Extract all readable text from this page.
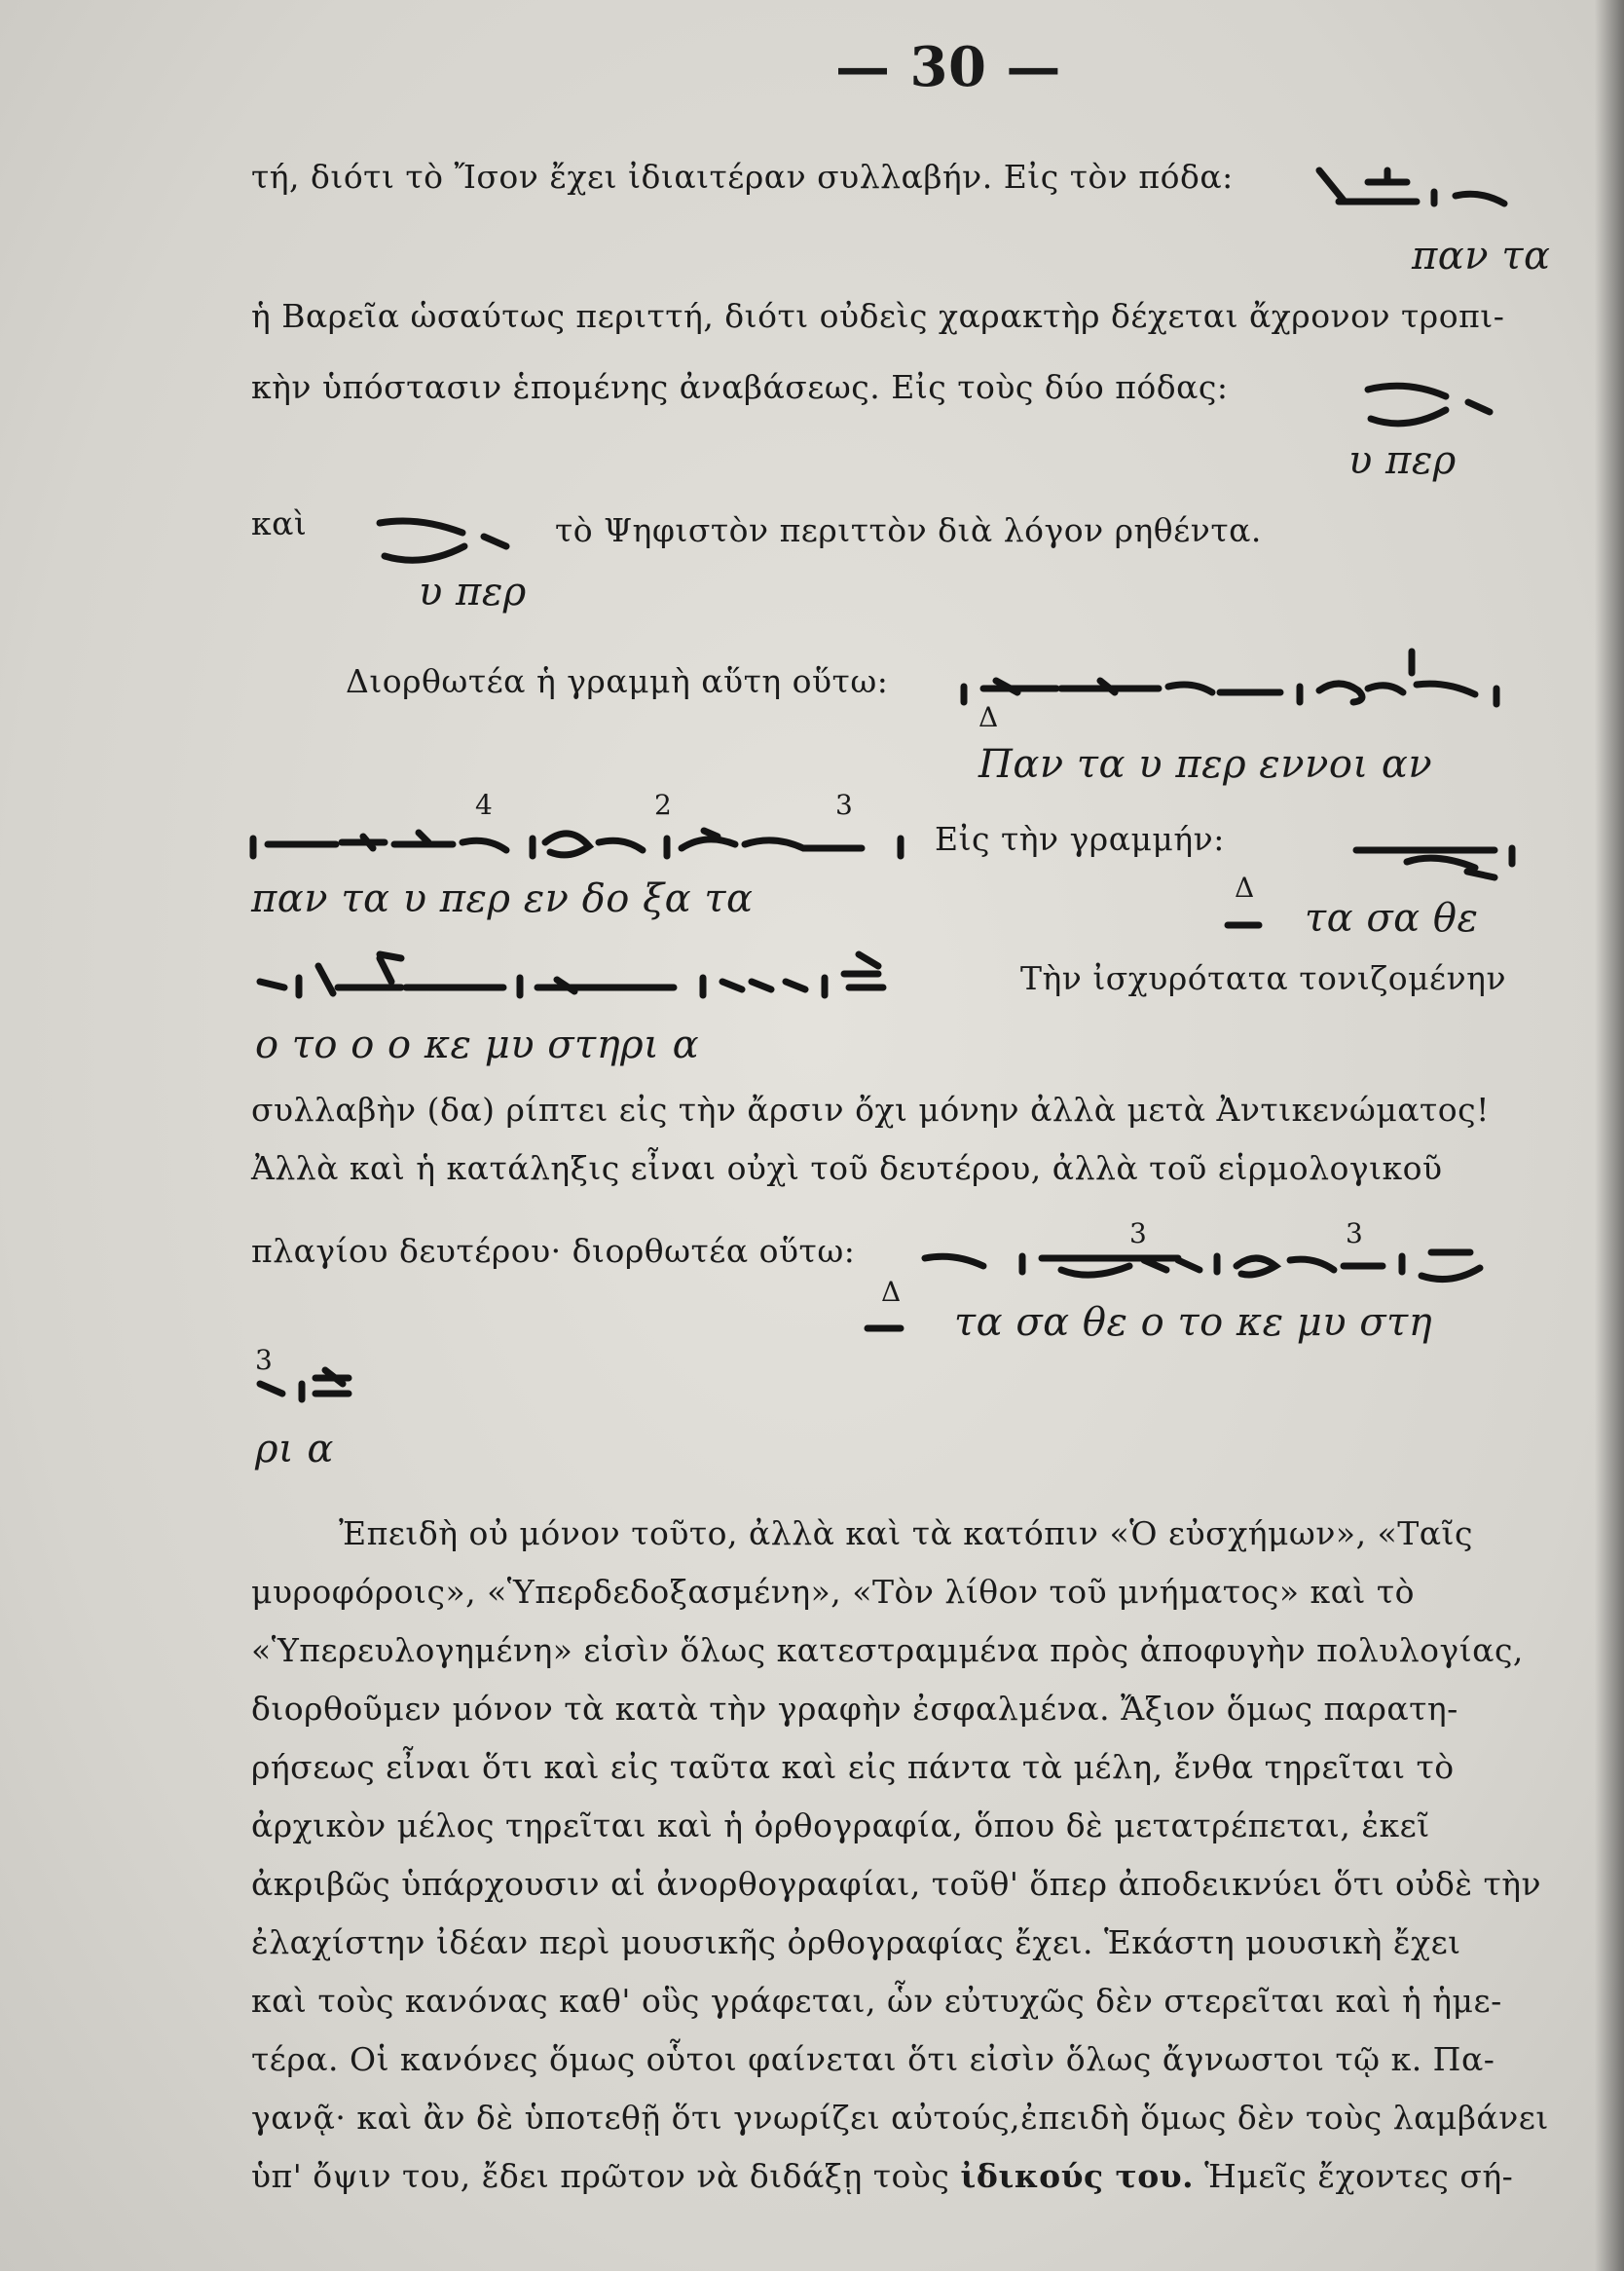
— 30 —
τή, διότι τὸ Ἴσον ἔχει ἰδιαιτέραν συλλαβήν. Εἰς τὸν πόδα:
παν τα
ἡ Βαρεῖα ὡσαύτως περιττή, διότι οὐδεὶς χαρακτὴρ δέχεται ἄχρονον τροπι-
κὴν ὑπόστασιν ἑπομένης ἀναβάσεως. Εἰς τοὺς δύο πόδας:
υ περ
καὶ	τὸ Ψηφιστὸν περιττὸν διὰ λόγον ρηθέντα.
υ περ
Διορθωτέα ἡ γραμμὴ αὕτη οὕτω:
Δ
Παν τα υ περ εννοι αν
4	2	3
Εἰς τὴν γραμμήν:
παν τα υ περ εν δο ξα τα	Δ
τα σα θε
Τὴν ἰσχυρότατα τονιζομένην
ο το ο ο κε μυ στηρι α
συλλαβὴν (δα) ρίπτει εἰς τὴν ἄρσιν ὄχι μόνην ἀλλὰ μετὰ Ἀντικενώματος!
Ἀλλὰ καὶ ἡ κατάληξις εἶναι οὐχὶ τοῦ δευτέρου, ἀλλὰ τοῦ εἱρμολογικοῦ
πλαγίου δευτέρου· διορθωτέα οὕτω:	3	3
Δ
τα σα θε ο το κε μυ στη
3
ρι α
Ἐπειδὴ οὐ μόνον τοῦτο, ἀλλὰ καὶ τὰ κατόπιν «Ὁ εὐσχήμων», «Ταῖς
μυροφόροις», «Ὑπερδεδοξασμένη», «Τὸν λίθον τοῦ μνήματος» καὶ τὸ
«Ὑπερευλογημένη» εἰσὶν ὅλως κατεστραμμένα πρὸς ἀποφυγὴν πολυλογίας,
διορθοῦμεν μόνον τὰ κατὰ τὴν γραφὴν ἐσφαλμένα. Ἄξιον ὅμως παρατη-
ρήσεως εἶναι ὅτι καὶ εἰς ταῦτα καὶ εἰς πάντα τὰ μέλη, ἔνθα τηρεῖται τὸ
ἀρχικὸν μέλος τηρεῖται καὶ ἡ ὀρθογραφία, ὅπου δὲ μετατρέπεται, ἐκεῖ
ἀκριβῶς ὑπάρχουσιν αἱ ἀνορθογραφίαι, τοῦθ' ὅπερ ἀποδεικνύει ὅτι οὐδὲ τὴν
ἐλαχίστην ἰδέαν περὶ μουσικῆς ὀρθογραφίας ἔχει. Ἑκάστη μουσικὴ ἔχει
καὶ τοὺς κανόνας καθ' οὓς γράφεται, ὧν εὐτυχῶς δὲν στερεῖται καὶ ἡ ἡμε-
τέρα. Οἱ κανόνες ὅμως οὗτοι φαίνεται ὅτι εἰσὶν ὅλως ἄγνωστοι τῷ κ. Πα-
γανᾷ· καὶ ἂν δὲ ὑποτεθῇ ὅτι γνωρίζει αὐτούς,ἐπειδὴ ὅμως δὲν τοὺς λαμβάνει
ὑπ' ὄψιν του, ἔδει πρῶτον νὰ διδάξῃ τοὺς ἰδικούς του. Ἡμεῖς ἔχοντες σή-
